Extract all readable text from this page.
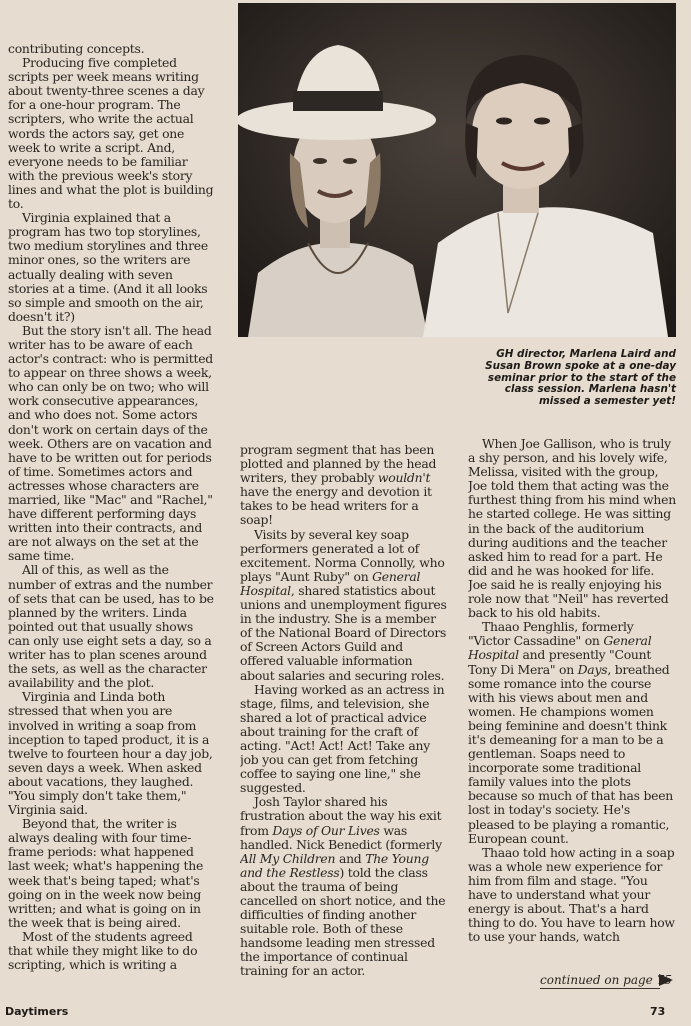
contributing concepts.

Producing five completed scripts per week means writing about twenty-three scenes a day for a one-hour program. The scripters, who write the actual words the actors say, get one week to write a script. And, everyone needs to be familiar with the previous week's story lines and what the plot is building to.

Virginia explained that a program has two top storylines, two medium storylines and three minor ones, so the writers are actually dealing with seven stories at a time. (And it all looks so simple and smooth on the air, doesn't it?)

But the story isn't all. The head writer has to be aware of each actor's contract: who is permitted to appear on three shows a week, who can only be on two; who will work consecutive appearances, and who does not. Some actors don't work on certain days of the week. Others are on vacation and have to be written out for periods of time. Sometimes actors and actresses whose characters are married, like "Mac" and "Rachel," have different performing days written into their contracts, and are not always on the set at the same time.

All of this, as well as the number of extras and the number of sets that can be used, has to be planned by the writers. Linda pointed out that usually shows can only use eight sets a day, so a writer has to plan scenes around the sets, as well as the character availability and the plot.

Virginia and Linda both stressed that when you are involved in writing a soap from inception to taped product, it is a twelve to fourteen hour a day job, seven days a week. When asked about vacations, they laughed. "You simply don't take them," Virginia said.

Beyond that, the writer is always dealing with four time-frame periods: what happened last week; what's happening the week that's being taped; what's going on in the week now being written; and what is going on in the week that is being aired.

Most of the students agreed that while they might like to do scripting, which is writing a

GH director, Marlena Laird and Susan Brown spoke at a one-day seminar prior to the start of the class session. Marlena hasn't missed a semester yet!

program segment that has been plotted and planned by the head writers, they probably wouldn't have the energy and devotion it takes to be head writers for a soap!

Visits by several key soap performers generated a lot of excitement. Norma Connolly, who plays "Aunt Ruby" on General Hospital, shared statistics about unions and unemployment figures in the industry. She is a member of the National Board of Directors of Screen Actors Guild and offered valuable information about salaries and securing roles.

Having worked as an actress in stage, films, and television, she shared a lot of practical advice about training for the craft of acting. "Act! Act! Act! Take any job you can get from fetching coffee to saying one line," she suggested.

Josh Taylor shared his frustration about the way his exit from Days of Our Lives was handled. Nick Benedict (formerly All My Children and The Young and the Restless) told the class about the trauma of being cancelled on short notice, and the difficulties of finding another suitable role. Both of these handsome leading men stressed the importance of continual training for an actor.

When Joe Gallison, who is truly a shy person, and his lovely wife, Melissa, visited with the group, Joe told them that acting was the furthest thing from his mind when he started college. He was sitting in the back of the auditorium during auditions and the teacher asked him to read for a part. He did and he was hooked for life. Joe said he is really enjoying his role now that "Neil" has reverted back to his old habits.

Thaao Penghlis, formerly "Victor Cassadine" on General Hospital and presently "Count Tony Di Mera" on Days, breathed some romance into the course with his views about men and women. He champions women being feminine and doesn't think it's demeaning for a man to be a gentleman. Soaps need to incorporate some traditional family values into the plots because so much of that has been lost in today's society. He's pleased to be playing a romantic, European count.

Thaao told how acting in a soap was a whole new experience for him from film and stage. "You have to understand what your energy is about. That's a hard thing to do. You have to learn how to use your hands, watch

continued on page 75
Daytimers	73
